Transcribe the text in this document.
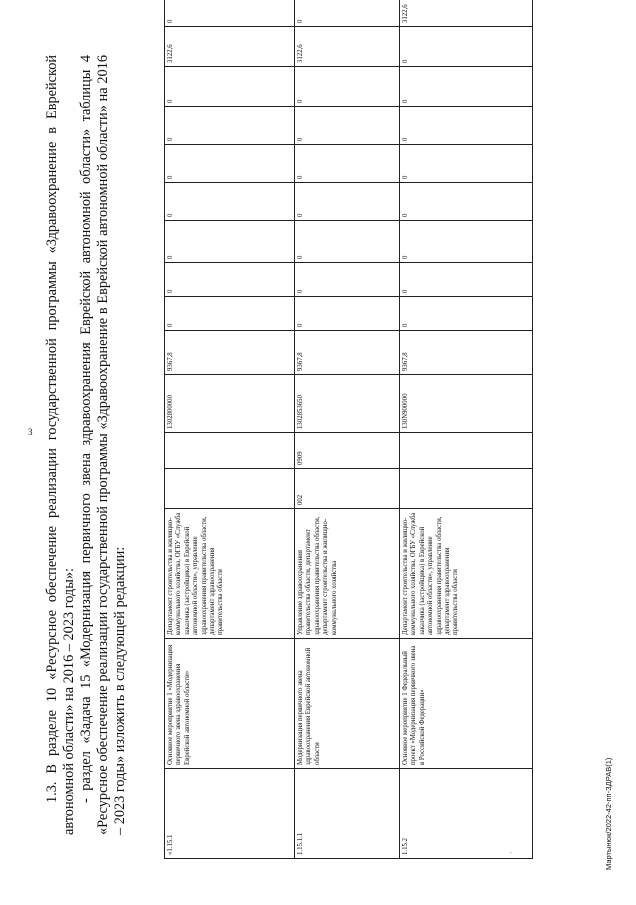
3 1.3. В разделе 10 «Ресурсное обеспечение реализации государственной программы «Здравоохранение в Еврейской автономной области» на 2016 – 2023 годы»: - раздел «Задача 15 «Модернизация первичного звена здравоохранения Еврейской автономной области» таблицы 4 «Ресурсное обеспечение реализации государственной программы «Здравоохранение в Еврейской автономной области» на 2016 – 2023 годы» изложить в следующей редакции:

«1.15.1	Основное мероприятие 1 «Модернизация первичного звена здравоохранения Еврейской автономной области»	Департамент строительства и жилищно-коммунального хозяйства, ОГБУ «Служба заказчика (застройщика) в Еврейской автономной области», управление здравоохранения правительства области, департамент здравоохранения правительства области			1302800000	9367,8	0	0	0	0	0	0	0	3122,6	0	
1.15.1.1	Модернизация первичного звена здравоохранения Еврейской автономной области	Управление здравоохранения правительства области, департамент здравоохранения правительства области, департамент строительства и жилищно-коммунального хозяйства	002	0909	1302853650	9367,8	0	0	0	0	0	0	0	3122,6	0	
1.15.2	Основное мероприятие 1 Федеральный проект «Модернизация первичного звена в Российской Федерации»	Департамент строительства и жилищно-коммунального хозяйства, ОГБУ «Служба заказчика (застройщика) в Еврейской автономной области», управление здравоохранения правительства области, департамент здравоохранения правительства области			130N900000	9367,8	0	0	0	0	0	0	0	0	3122,6	
Мартынюк/2022-42-пп-ЗДРАВ(1)
-
